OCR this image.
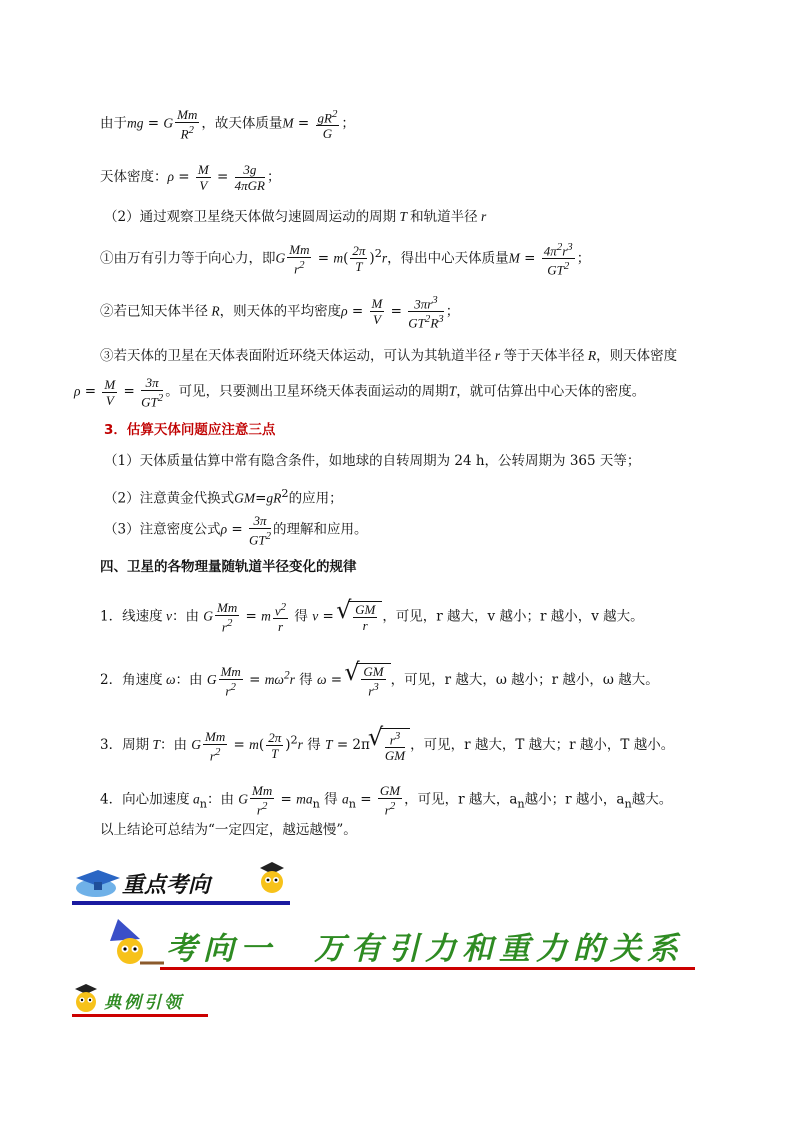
由于mg = G $\frac{Mm}{R^2}$ ，故天体质量$M = \frac{gR^2}{G}$ ；
天体密度：$\rho = \frac{M}{V} = \frac{3g}{\text{4πGR}}$ ；
（2）通过观察卫星绕天体做匀速圆周运动的周期 T 和轨道半径 r
①由万有引力等于向心力，即G $\frac{Mm}{r^2} = m( \frac{2\pi}{T} )^2r$，得出中心天体质量$M = \frac{4\pi^2r^3}{GT^2}$ ；
②若已知天体半径 R，则天体的平均密度$\rho = \frac{M}{V} = \frac{3\pi r^3}{GT^2R^3}$ ；
③若天体的卫星在天体表面附近环绕天体运动，可认为其轨道半径 r 等于天体半径 R，则天体密度
$\rho = \frac{M}{V} = \frac{3\pi}{GT^2}$ 。可见，只要测出卫星环绕天体表面运动的周期T，就可估算出中心天体的密度。
3．估算天体问题应注意三点
（1）天体质量估算中常有隐含条件，如地球的自转周期为 24 h，公转周期为 365 天等；
（2）注意黄金代换式$GM=gR^2$的应用；
（3）注意密度公式$\rho = \frac{3\pi}{GT^2}$ 的理解和应用。
四、卫星的各物理量随轨道半径变化的规律
1．线速度 v：由 G $\frac{Mm}{r^2} = m \frac{v^2}{r}$ 得 v = √ $\frac{GM}{r}$ ，可见，r 越大，v 越小；r 越小，v 越大。
2．角速度 ω：由 G $\frac{Mm}{r^2} = m\omega^2r$ 得 ω = √ $\frac{GM}{r^3}$ ，可见，r 越大，ω 越小；r 越小，ω 越大。
3．周期 T：由 G $\frac{Mm}{r^2} = m( \frac{2\pi}{T} )^2r$ 得 T = 2π √ $\frac{r^3}{GM}$ ，可见，r 越大，T 越大；r 越小，T 越小。
4．向心加速度 $a_n$：由 G $\frac{Mm}{r^2} = ma_n$ 得 $a_n = \frac{GM}{r^2}$ ，可见，r 越大，$a_n$越小；r 越小，$a_n$越大。
以上结论可总结为“一定四定，越远越慢”。
重点考向
考向一　万有引力和重力的关系
典例引领
